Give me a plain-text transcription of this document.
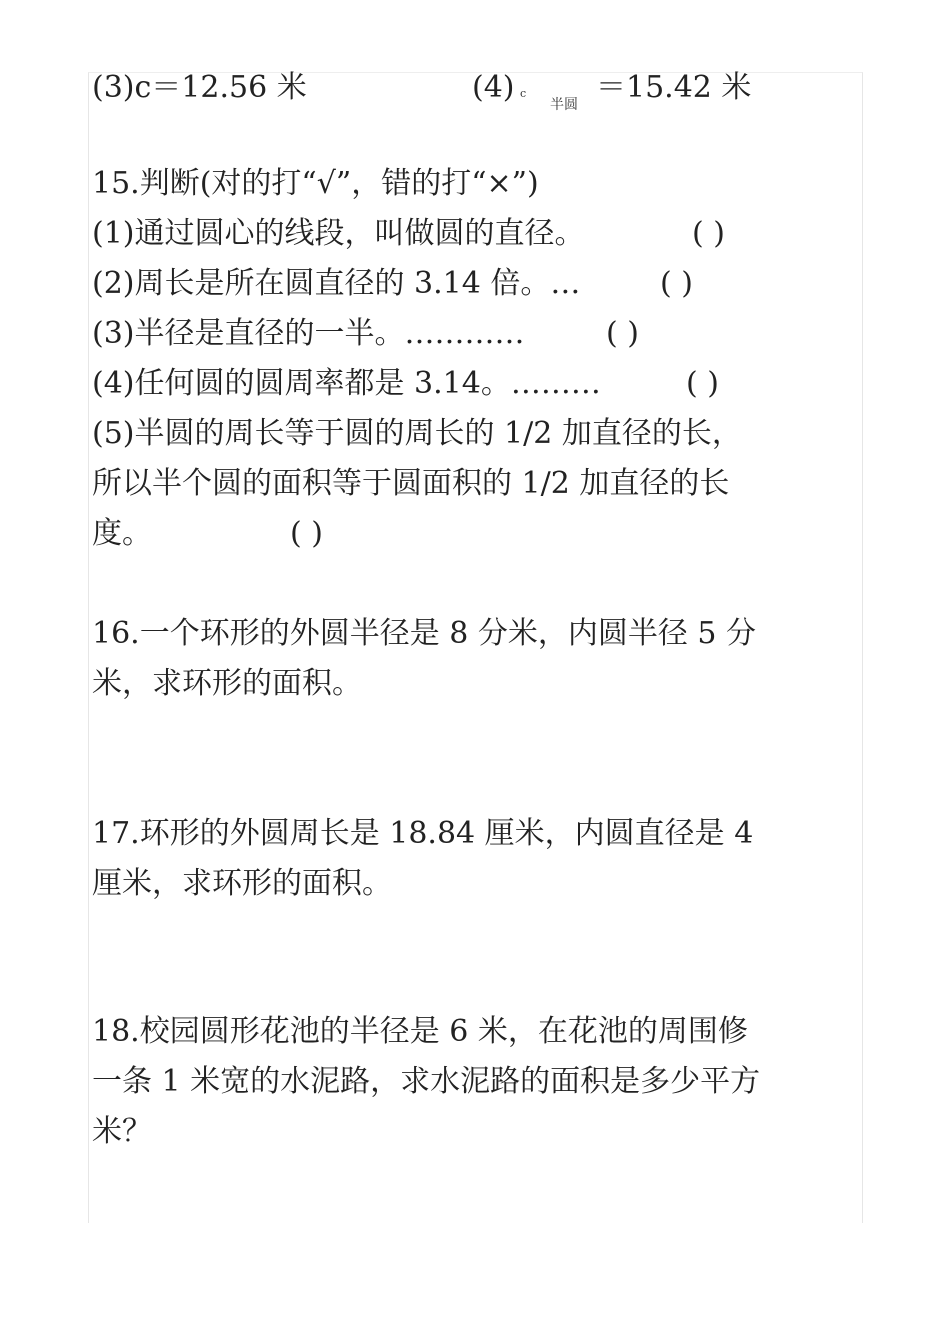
(3)c＝12.56 米	(4) c
半圆 ＝15.42 米
15.判断(对的打“√”，错的打“×”)
(1)通过圆心的线段，叫做圆的直径。	( )
(2)周长是所在圆直径的 3.14 倍。…	( )
(3)半径是直径的一半。…………	( )
(4)任何圆的圆周率都是 3.14。………	( )
(5)半圆的周长等于圆的周长的 1/2 加直径的长，
所以半个圆的面积等于圆面积的 1/2 加直径的长
度。	( )
16.一个环形的外圆半径是 8 分米，内圆半径 5 分
米，求环形的面积。
17.环形的外圆周长是 18.84 厘米，内圆直径是 4
厘米，求环形的面积。
18.校园圆形花池的半径是 6 米，在花池的周围修
一条 1 米宽的水泥路，求水泥路的面积是多少平方
米？
